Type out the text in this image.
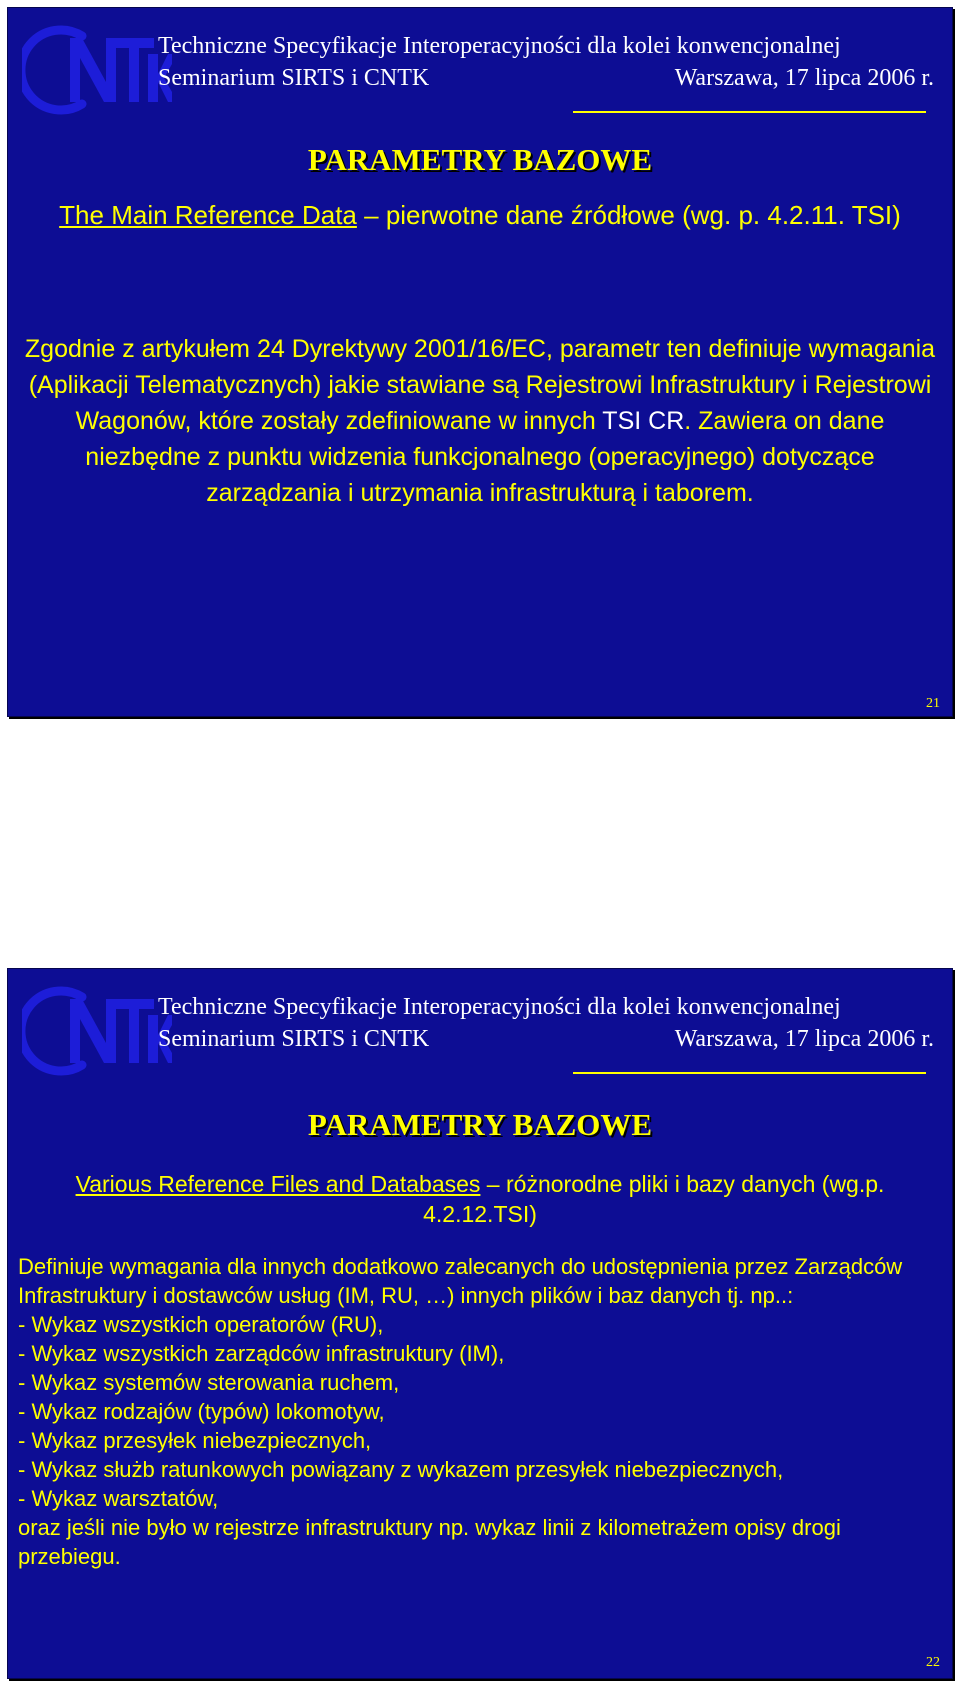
Techniczne Specyfikacje Interoperacyjności dla kolei konwencjonalnej
Seminarium SIRTS i CNTK	Warszawa, 17 lipca 2006 r.
PARAMETRY BAZOWE
The Main Reference Data – pierwotne dane źródłowe (wg. p. 4.2.11. TSI)
Zgodnie z artykułem 24 Dyrektywy 2001/16/EC, parametr ten definiuje wymagania (Aplikacji Telematycznych) jakie stawiane są Rejestrowi Infrastruktury i Rejestrowi Wagonów, które zostały zdefiniowane w innych TSI CR. Zawiera on dane niezbędne z punktu widzenia funkcjonalnego (operacyjnego) dotyczące zarządzania i utrzymania infrastrukturą i taborem.
21
Techniczne Specyfikacje Interoperacyjności dla kolei konwencjonalnej
Seminarium SIRTS i CNTK	Warszawa, 17 lipca 2006 r.
PARAMETRY BAZOWE
Various Reference Files and Databases – różnorodne pliki i bazy danych (wg.p. 4.2.12.TSI)

Definiuje wymagania dla innych dodatkowo zalecanych do udostępnienia przez Zarządców Infrastruktury i dostawców usług (IM, RU, …) innych plików i baz danych tj. np..:

- Wykaz wszystkich operatorów (RU),
- Wykaz wszystkich zarządców infrastruktury (IM),
- Wykaz systemów sterowania ruchem,
- Wykaz rodzajów (typów) lokomotyw,
- Wykaz przesyłek niebezpiecznych,
- Wykaz służb ratunkowych powiązany z wykazem przesyłek niebezpiecznych,
- Wykaz warsztatów,

oraz jeśli nie było w rejestrze infrastruktury np. wykaz linii z kilometrażem opisy drogi przebiegu.

22
